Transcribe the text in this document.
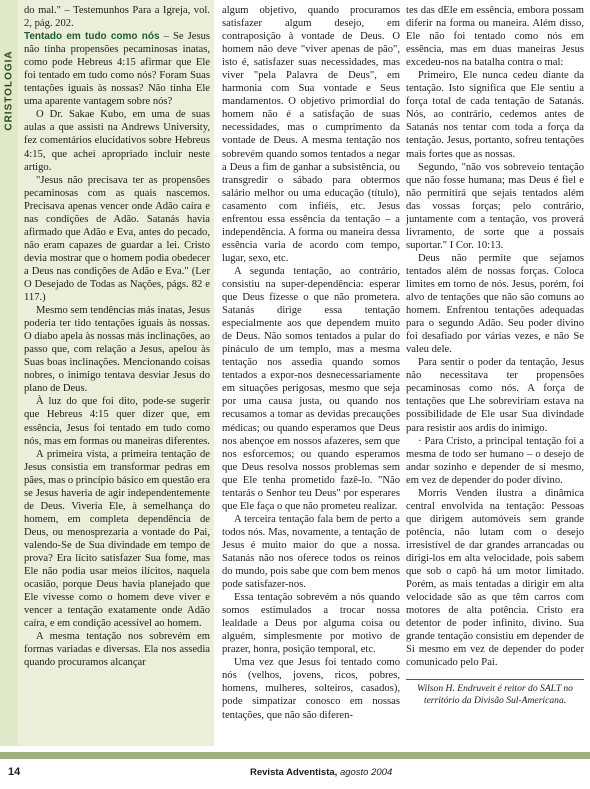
CRISTOLOGIA

do mal." – Testemunhos Para a Igreja, vol. 2, pág. 202.

Tentado em tudo como nós – Se Jesus não tinha propensões pecaminosas inatas, como pode Hebreus 4:15 afirmar que Ele foi tentado em tudo como nós? Foram Suas tentações iguais às nossas? Não tinha Ele uma aparente vantagem sobre nós?

O Dr. Sakae Kubo, em uma de suas aulas a que assisti na Andrews University, fez comentários elucidativos sobre Hebreus 4:15, que achei apropriado incluir neste artigo.

"Jesus não precisava ter as propensões pecaminosas com as quais nascemos. Precisava apenas vencer onde Adão caíra e nas condições de Adão. Satanás havia afirmado que Adão e Eva, antes do pecado, não eram capazes de guardar a lei. Cristo devia mostrar que o homem podia obedecer a Deus nas condições de Adão e Eva." (Ler O Desejado de Todas as Nações, págs. 82 e 117.)

Mesmo sem tendências más inatas, Jesus poderia ter tido tentações iguais às nossas. O diabo apela às nossas más inclinações, ao passo que, com relação a Jesus, apelou às Suas boas inclinações. Mencionando coisas nobres, o inimigo tentava desviar Jesus do plano de Deus.

À luz do que foi dito, pode-se sugerir que Hebreus 4:15 quer dizer que, em essência, Jesus foi tentado em tudo como nós, mas em formas ou maneiras diferentes.

A primeira vista, a primeira tentação de Jesus consistia em transformar pedras em pães, mas o princípio básico em questão era se Jesus haveria de agir independentemente de Deus. Viveria Ele, à semelhança do homem, em completa dependência de Deus, ou menosprezaria a vontade do Pai, valendo-Se de Sua divindade em tempo de prova? Era lícito satisfazer Sua fome, mas Ele não podia usar meios ilícitos, naquela ocasião, porque Deus havia planejado que Ele vivesse como o homem deve viver e vencer a tentação exatamente onde Adão caíra, e em condição acessível ao homem.

A mesma tentação nos sobrevém em formas variadas e diversas. Ela nos assedia quando procuramos alcançar

algum objetivo, quando procuramos satisfazer algum desejo, em contraposição à vontade de Deus. O homem não deve "viver apenas de pão", isto é, satisfazer suas necessidades, mas viver "pela Palavra de Deus", em harmonia com Sua vontade e Seus mandamentos. O objetivo primordial do homem não é a satisfação de suas necessidades, mas o cumprimento da vontade de Deus. A mesma tentação nos sobrevém quando somos tentados a negar a Deus a fim de ganhar a subsistência, ou transgredir o sábado para obtermos salário melhor ou uma educação (título), casamento com infiéis, etc. Jesus enfrentou essa essência da tentação – a independência. A forma ou maneira dessa essência varia de acordo com tempo, lugar, sexo, etc.

A segunda tentação, ao contrário, consistiu na super-dependência: esperar que Deus fizesse o que não prometera. Satanás dirige essa tentação especialmente aos que dependem muito de Deus. Não somos tentados a pular do pináculo de um templo, mas a mesma tentação nos assedia quando somos tentados a expor-nos desnecessariamente em situações perigosas, mesmo que seja por uma causa justa, ou quando nos recusamos a tomar as devidas precauções médicas; ou quando esperamos que Deus nos abençoe em nossos afazeres, sem que nos esforcemos; ou quando esperamos que Deus resolva nossos problemas sem que Ele tenha prometido fazê-lo. "Não tentarás o Senhor teu Deus" por esperares que Ele faça o que não prometeu realizar.

A terceira tentação fala bem de perto a todos nós. Mas, novamente, a tentação de Jesus é muito maior do que a nossa. Satanás não nos oferece todos os reinos do mundo, pois sabe que com bem menos pode satisfazer-nos.

Essa tentação sobrevém a nós quando somos estimulados a trocar nossa lealdade a Deus por alguma coisa ou alguém, simplesmente por motivo de prazer, honra, posição temporal, etc.

Uma vez que Jesus foi tentado como nós (velhos, jovens, ricos, pobres, homens, mulheres, solteiros, casados), pode simpatizar conosco em nossas tentações, que não são diferen-

tes das dEle em essência, embora possam diferir na forma ou maneira. Além disso, Ele não foi tentado como nós em essência, mas em duas maneiras Jesus excedeu-nos na batalha contra o mal:

Primeiro, Ele nunca cedeu diante da tentação. Isto significa que Ele sentiu a força total de cada tentação de Satanás. Nós, ao contrário, cedemos antes de Satanás nos tentar com toda a força da tentação. Jesus, portanto, sofreu tentações mais fortes que as nossas.

Segundo, "não vos sobreveio tentação que não fosse humana; mas Deus é fiel e não permitirá que sejais tentados além das vossas forças; pelo contrário, juntamente com a tentação, vos proverá livramento, de sorte que a possais suportar." I Cor. 10:13.

Deus não permite que sejamos tentados além de nossas forças. Coloca limites em torno de nós. Jesus, porém, foi alvo de tentações que não são comuns ao homem. Enfrentou tentações adequadas para o segundo Adão. Seu poder divino foi desafiado por várias vezes, e não Se valeu dele.

Para sentir o poder da tentação, Jesus não necessitava ter propensões pecaminosas como nós. A força de tentações que Lhe sobreviriam estava na possibilidade de Ele usar Sua divindade para resistir aos ardis do inimigo.

· Para Cristo, a principal tentação foi a mesma de todo ser humano – o desejo de andar sozinho e depender de si mesmo, em vez de depender do poder divino.

Morris Venden ilustra a dinâmica central envolvida na tentação: Pessoas que dirigem automóveis sem grande potência, não lutam com o desejo irresistível de dar grandes arrancadas ou dirigi-los em alta velocidade, pois sabem que sob o capô há um motor limitado. Porém, as mais tentadas a dirigir em alta velocidade são as que têm carros com motores de alta potência. Cristo era detentor de poder infinito, divino. Sua grande tentação consistiu em depender de Si mesmo em vez de depender do poder comunicado pelo Pai.

Wilson H. Endruveit é reitor do SALT no território da Divisão Sul-Americana.
14	Revista Adventista, agosto 2004
